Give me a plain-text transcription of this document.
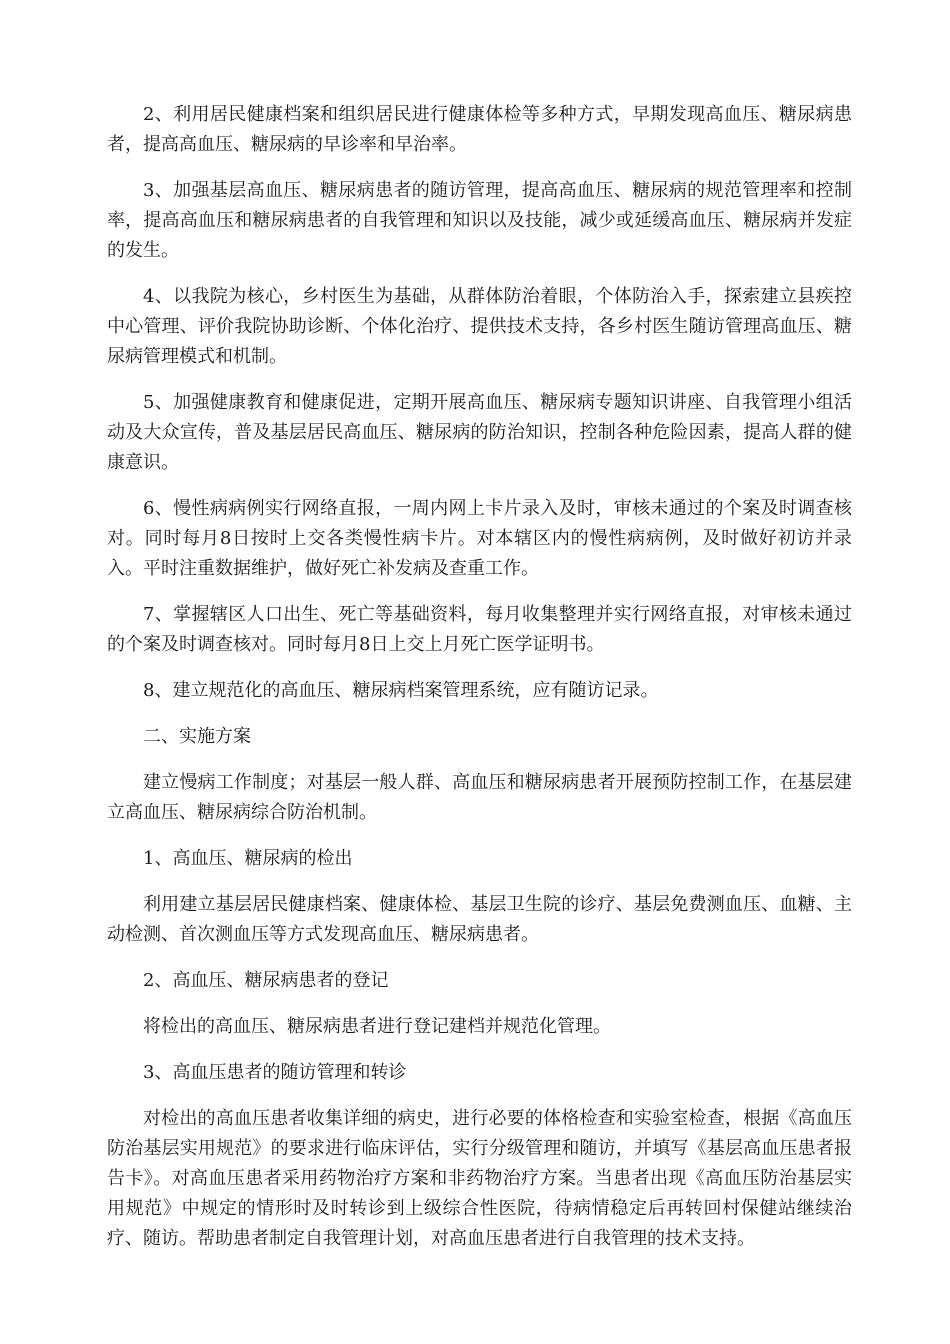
2、利用居民健康档案和组织居民进行健康体检等多种方式，早期发现高血压、糖尿病患者，提高高血压、糖尿病的早诊率和早治率。

3、加强基层高血压、糖尿病患者的随访管理，提高高血压、糖尿病的规范管理率和控制率，提高高血压和糖尿病患者的自我管理和知识以及技能，减少或延缓高血压、糖尿病并发症的发生。

4、以我院为核心，乡村医生为基础，从群体防治着眼，个体防治入手，探索建立县疾控中心管理、评价我院协助诊断、个体化治疗、提供技术支持，各乡村医生随访管理高血压、糖尿病管理模式和机制。

5、加强健康教育和健康促进，定期开展高血压、糖尿病专题知识讲座、自我管理小组活动及大众宣传，普及基层居民高血压、糖尿病的防治知识，控制各种危险因素，提高人群的健康意识。

6、慢性病病例实行网络直报，一周内网上卡片录入及时，审核未通过的个案及时调查核对。同时每月8日按时上交各类慢性病卡片。对本辖区内的慢性病病例，及时做好初访并录入。平时注重数据维护，做好死亡补发病及查重工作。

7、掌握辖区人口出生、死亡等基础资料，每月收集整理并实行网络直报，对审核未通过的个案及时调查核对。同时每月8日上交上月死亡医学证明书。

8、建立规范化的高血压、糖尿病档案管理系统，应有随访记录。

二、实施方案

建立慢病工作制度；对基层一般人群、高血压和糖尿病患者开展预防控制工作，在基层建立高血压、糖尿病综合防治机制。

1、高血压、糖尿病的检出

利用建立基层居民健康档案、健康体检、基层卫生院的诊疗、基层免费测血压、血糖、主动检测、首次测血压等方式发现高血压、糖尿病患者。

2、高血压、糖尿病患者的登记

将检出的高血压、糖尿病患者进行登记建档并规范化管理。

3、高血压患者的随访管理和转诊

对检出的高血压患者收集详细的病史，进行必要的体格检查和实验室检查，根据《高血压防治基层实用规范》的要求进行临床评估，实行分级管理和随访，并填写《基层高血压患者报告卡》。对高血压患者采用药物治疗方案和非药物治疗方案。当患者出现《高血压防治基层实用规范》中规定的情形时及时转诊到上级综合性医院，待病情稳定后再转回村保健站继续治疗、随访。帮助患者制定自我管理计划，对高血压患者进行自我管理的技术支持。
